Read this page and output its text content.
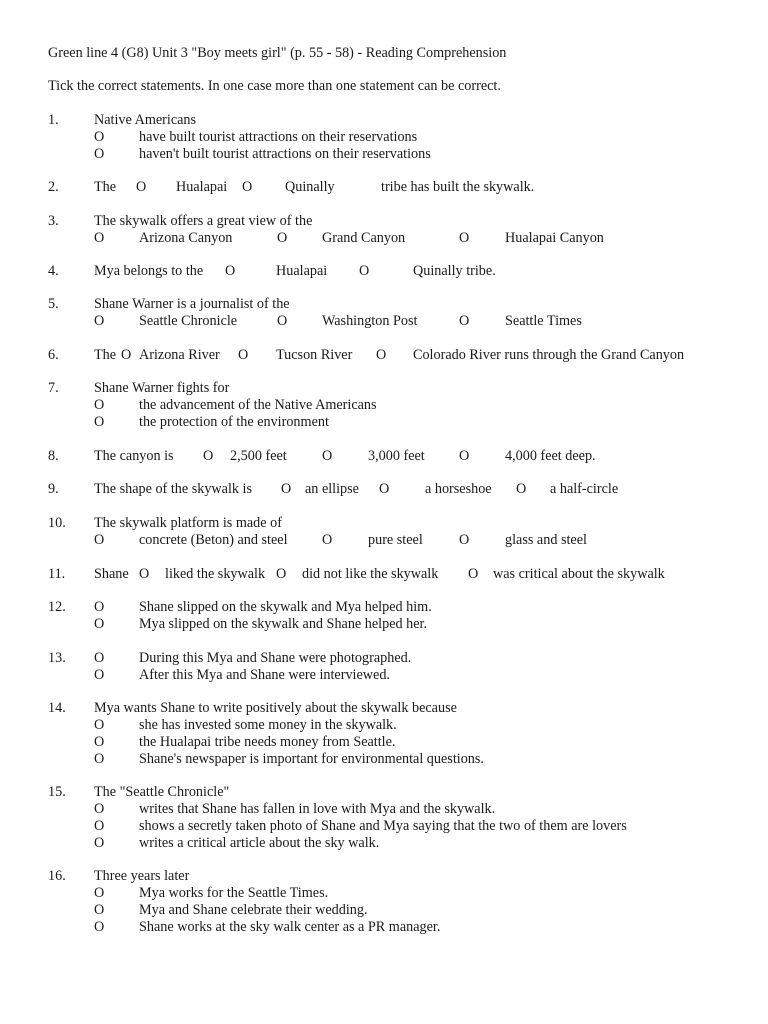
Green line 4 (G8) Unit 3 "Boy meets girl" (p. 55 - 58) - Reading Comprehension
Tick the correct statements. In one case more than one statement can be correct.
1. Native Americans
O have built tourist attractions on their reservations
O haven't built tourist attractions on their reservations
2. The O Hualapai O Quinally	tribe has built the skywalk.
3. The skywalk offers a great view of the
O Arizona Canyon	O Grand Canyon	O	Hualapai Canyon
4. Mya belongs to the O	Hualapai O	Quinally tribe.
5. Shane Warner is a journalist of the
O Seattle Chronicle	O Washington Post	O	Seattle Times
6. The O Arizona River O Tucson River O Colorado River runs through the Grand Canyon
7. Shane Warner fights for
O the advancement of the Native Americans
O the protection of the environment
8. The canyon is O 2,500 feet O	3,000 feet O	4,000 feet deep.
9. The shape of the skywalk is O an ellipse O	a horseshoe O a half-circle
10. The skywalk platform is made of
O concrete (Beton) and steel O	pure steel	O	glass and steel
11. Shane O liked the skywalk O did not like the skywalk O was critical about the skywalk
12. O Shane slipped on the skywalk and Mya helped him.
O Mya slipped on the skywalk and Shane helped her.
13. O During this Mya and Shane were photographed.
O After this Mya and Shane were interviewed.
14. Mya wants Shane to write positively about the skywalk because
O she has invested some money in the skywalk.
O the Hualapai tribe needs money from Seattle.
O Shane's newspaper is important for environmental questions.
15. The "Seattle Chronicle"
O writes that Shane has fallen in love with Mya and the skywalk.
O shows a secretly taken photo of Shane and Mya saying that the two of them are lovers
O writes a critical article about the sky walk.
16. Three years later
O Mya works for the Seattle Times.
O Mya and Shane celebrate their wedding.
O Shane works at the sky walk center as a PR manager.
